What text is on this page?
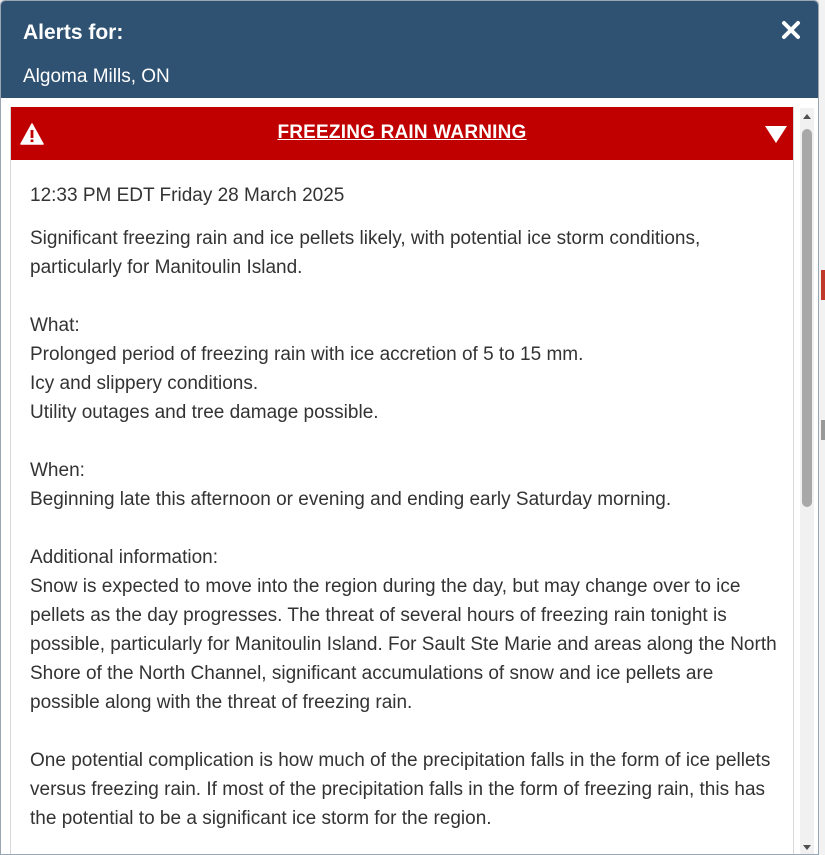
Alerts for:
Algoma Mills, ON
FREEZING RAIN WARNING

12:33 PM EDT Friday 28 March 2025

Significant freezing rain and ice pellets likely, with potential ice storm conditions, particularly for Manitoulin Island.

What:
Prolonged period of freezing rain with ice accretion of 5 to 15 mm.
Icy and slippery conditions.
Utility outages and tree damage possible.
When:
Beginning late this afternoon or evening and ending early Saturday morning.
Additional information:
Snow is expected to move into the region during the day, but may change over to ice pellets as the day progresses. The threat of several hours of freezing rain tonight is possible, particularly for Manitoulin Island. For Sault Ste Marie and areas along the North Shore of the North Channel, significant accumulations of snow and ice pellets are possible along with the threat of freezing rain.

One potential complication is how much of the precipitation falls in the form of ice pellets versus freezing rain. If most of the precipitation falls in the form of freezing rain, this has the potential to be a significant ice storm for the region.
